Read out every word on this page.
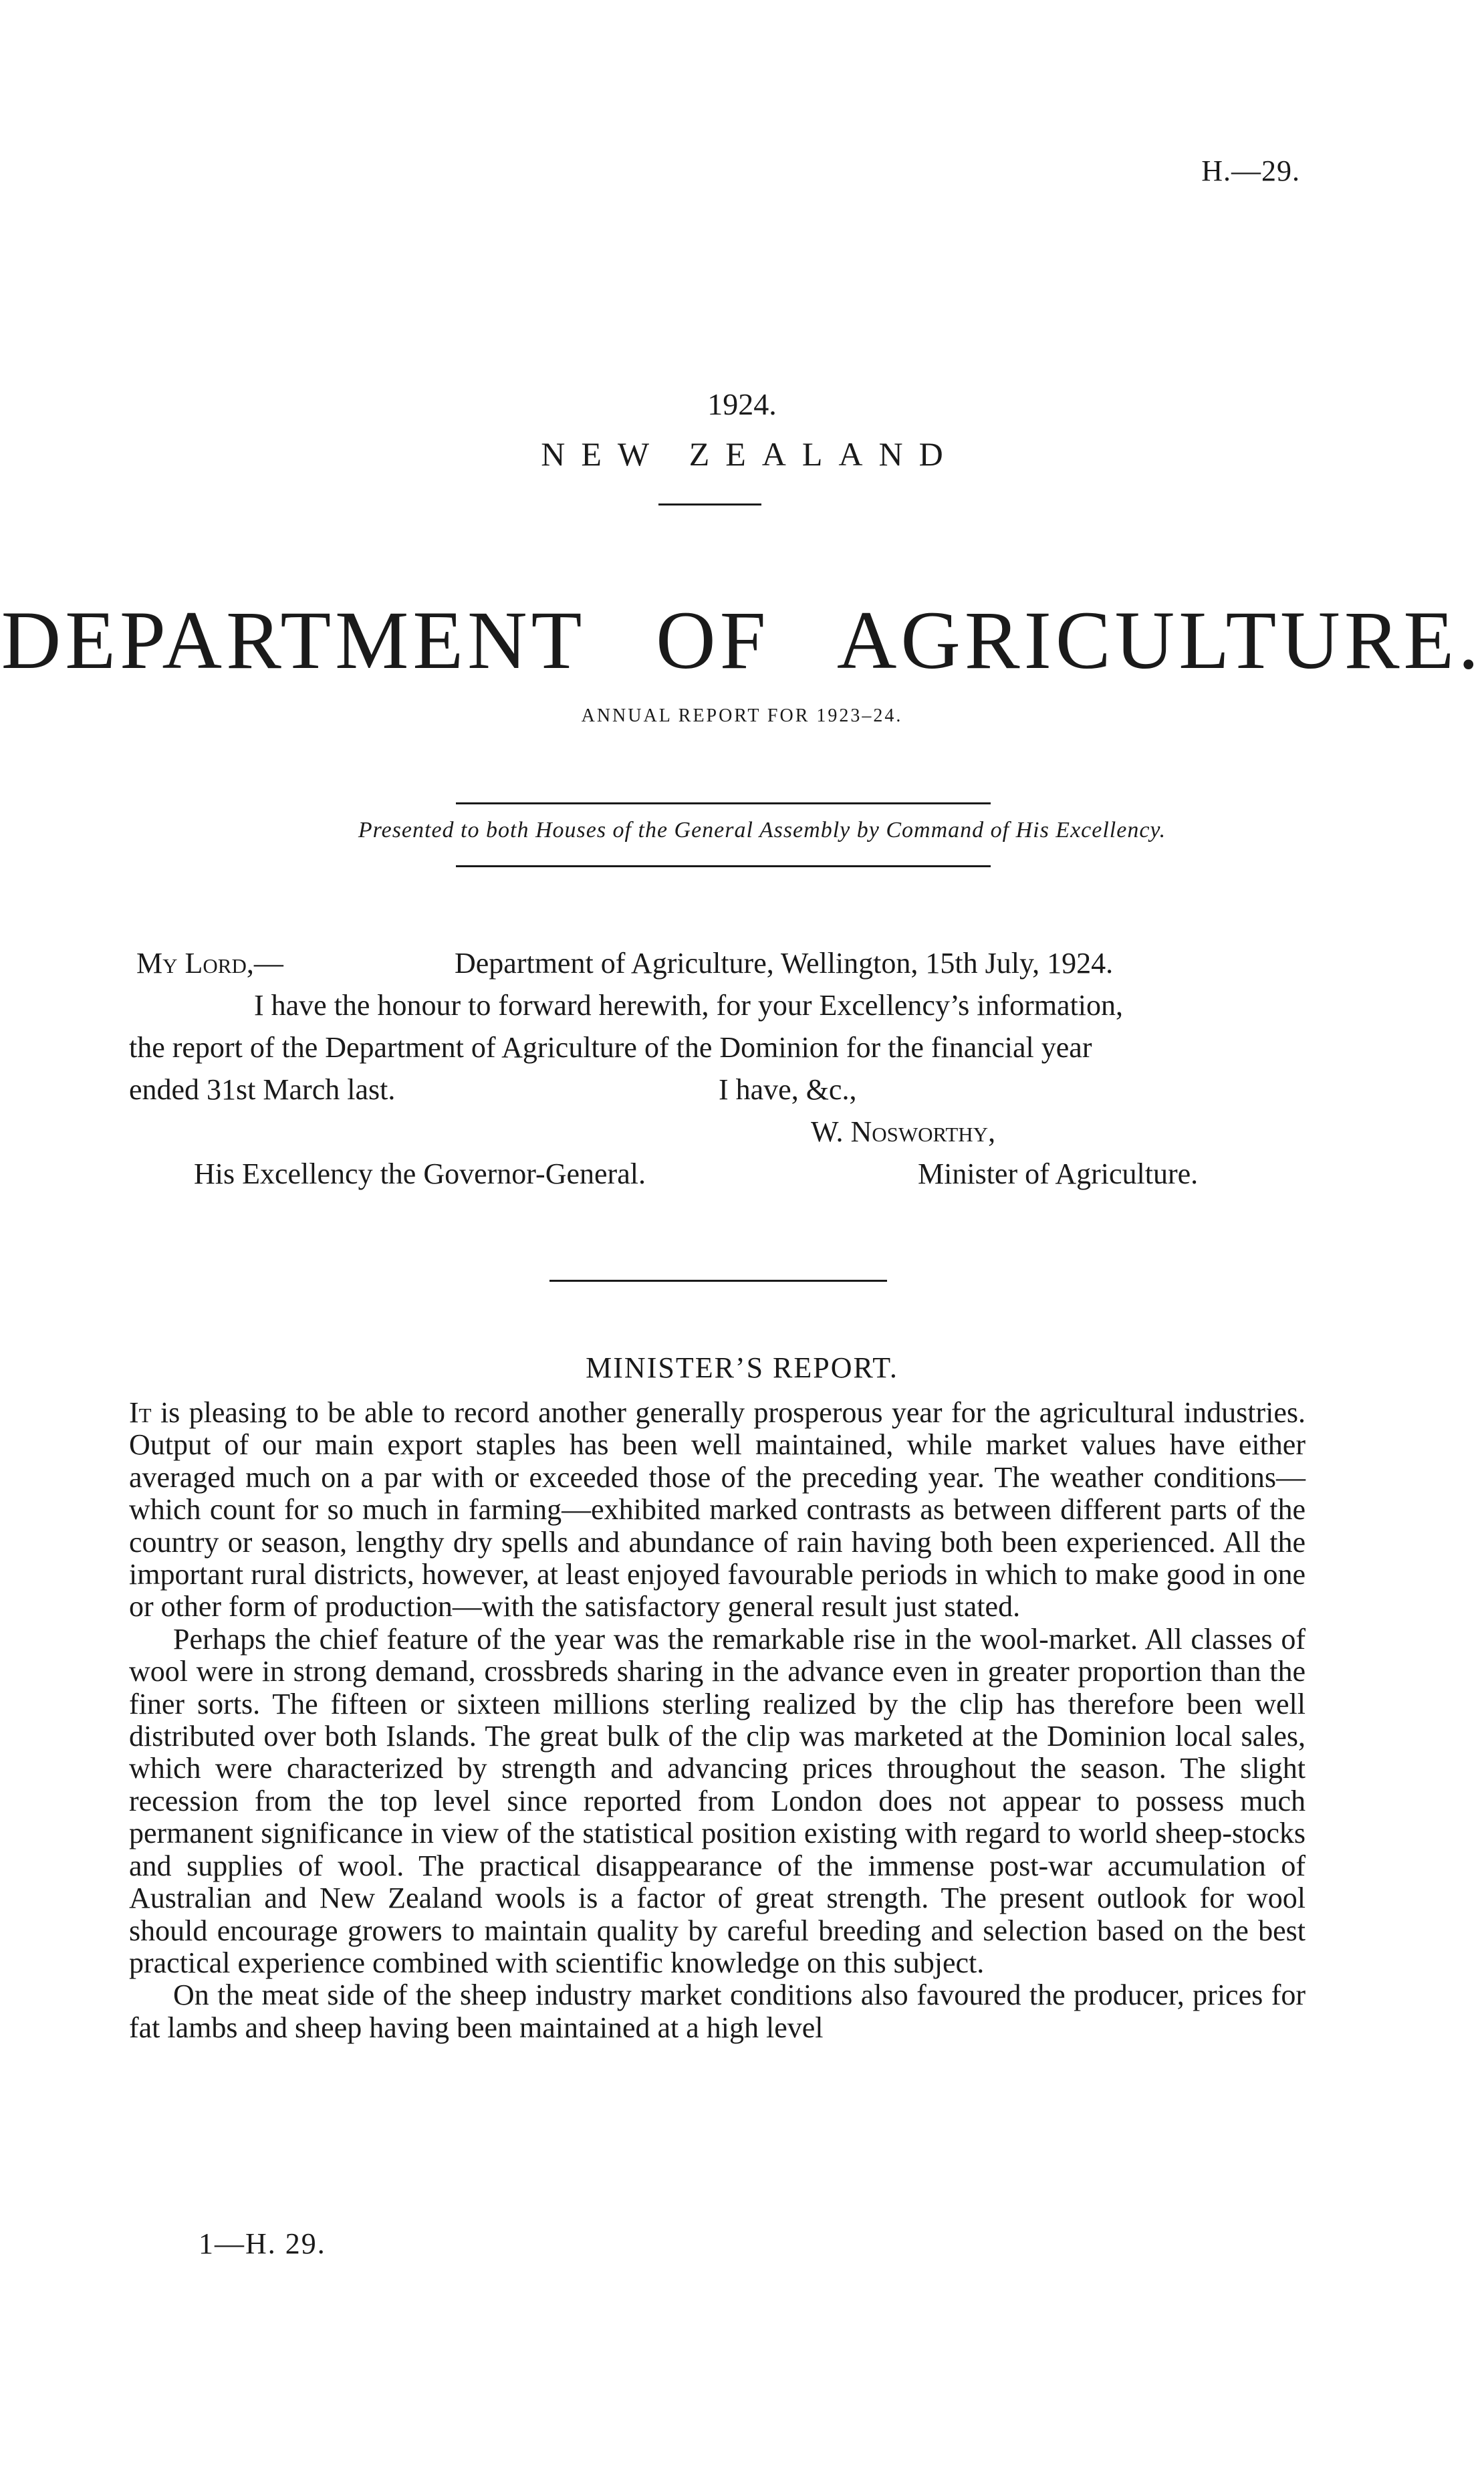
H.—29.
1924.
NEW ZEALAND
DEPARTMENT OF AGRICULTURE.
ANNUAL REPORT FOR 1923–24.
Presented to both Houses of the General Assembly by Command of His Excellency.
My Lord,—	Department of Agriculture, Wellington, 15th July, 1924.
I have the honour to forward herewith, for your Excellency’s information,
the report of the Department of Agriculture of the Dominion for the financial year
ended 31st March last.	I have, &c.,
W. Nosworthy,
His Excellency the Governor-General.	Minister of Agriculture.
MINISTER’S REPORT.

It is pleasing to be able to record another generally prosperous year for the agricultural industries. Output of our main export staples has been well maintained, while market values have either averaged much on a par with or exceeded those of the preceding year. The weather conditions—which count for so much in farming—exhibited marked contrasts as between different parts of the country or season, lengthy dry spells and abundance of rain having both been experienced. All the important rural districts, however, at least enjoyed favourable periods in which to make good in one or other form of production—with the satisfactory general result just stated.

Perhaps the chief feature of the year was the remarkable rise in the wool-market. All classes of wool were in strong demand, crossbreds sharing in the advance even in greater proportion than the finer sorts. The fifteen or sixteen millions sterling realized by the clip has therefore been well distributed over both Islands. The great bulk of the clip was marketed at the Dominion local sales, which were characterized by strength and advancing prices throughout the season. The slight recession from the top level since reported from London does not appear to possess much permanent significance in view of the statistical position existing with regard to world sheep-stocks and supplies of wool. The practical disappearance of the immense post-war accumulation of Australian and New Zealand wools is a factor of great strength. The present outlook for wool should encourage growers to maintain quality by careful breeding and selection based on the best practical experience combined with scientific knowledge on this subject.

On the meat side of the sheep industry market conditions also favoured the producer, prices for fat lambs and sheep having been maintained at a high level

1—H. 29.
